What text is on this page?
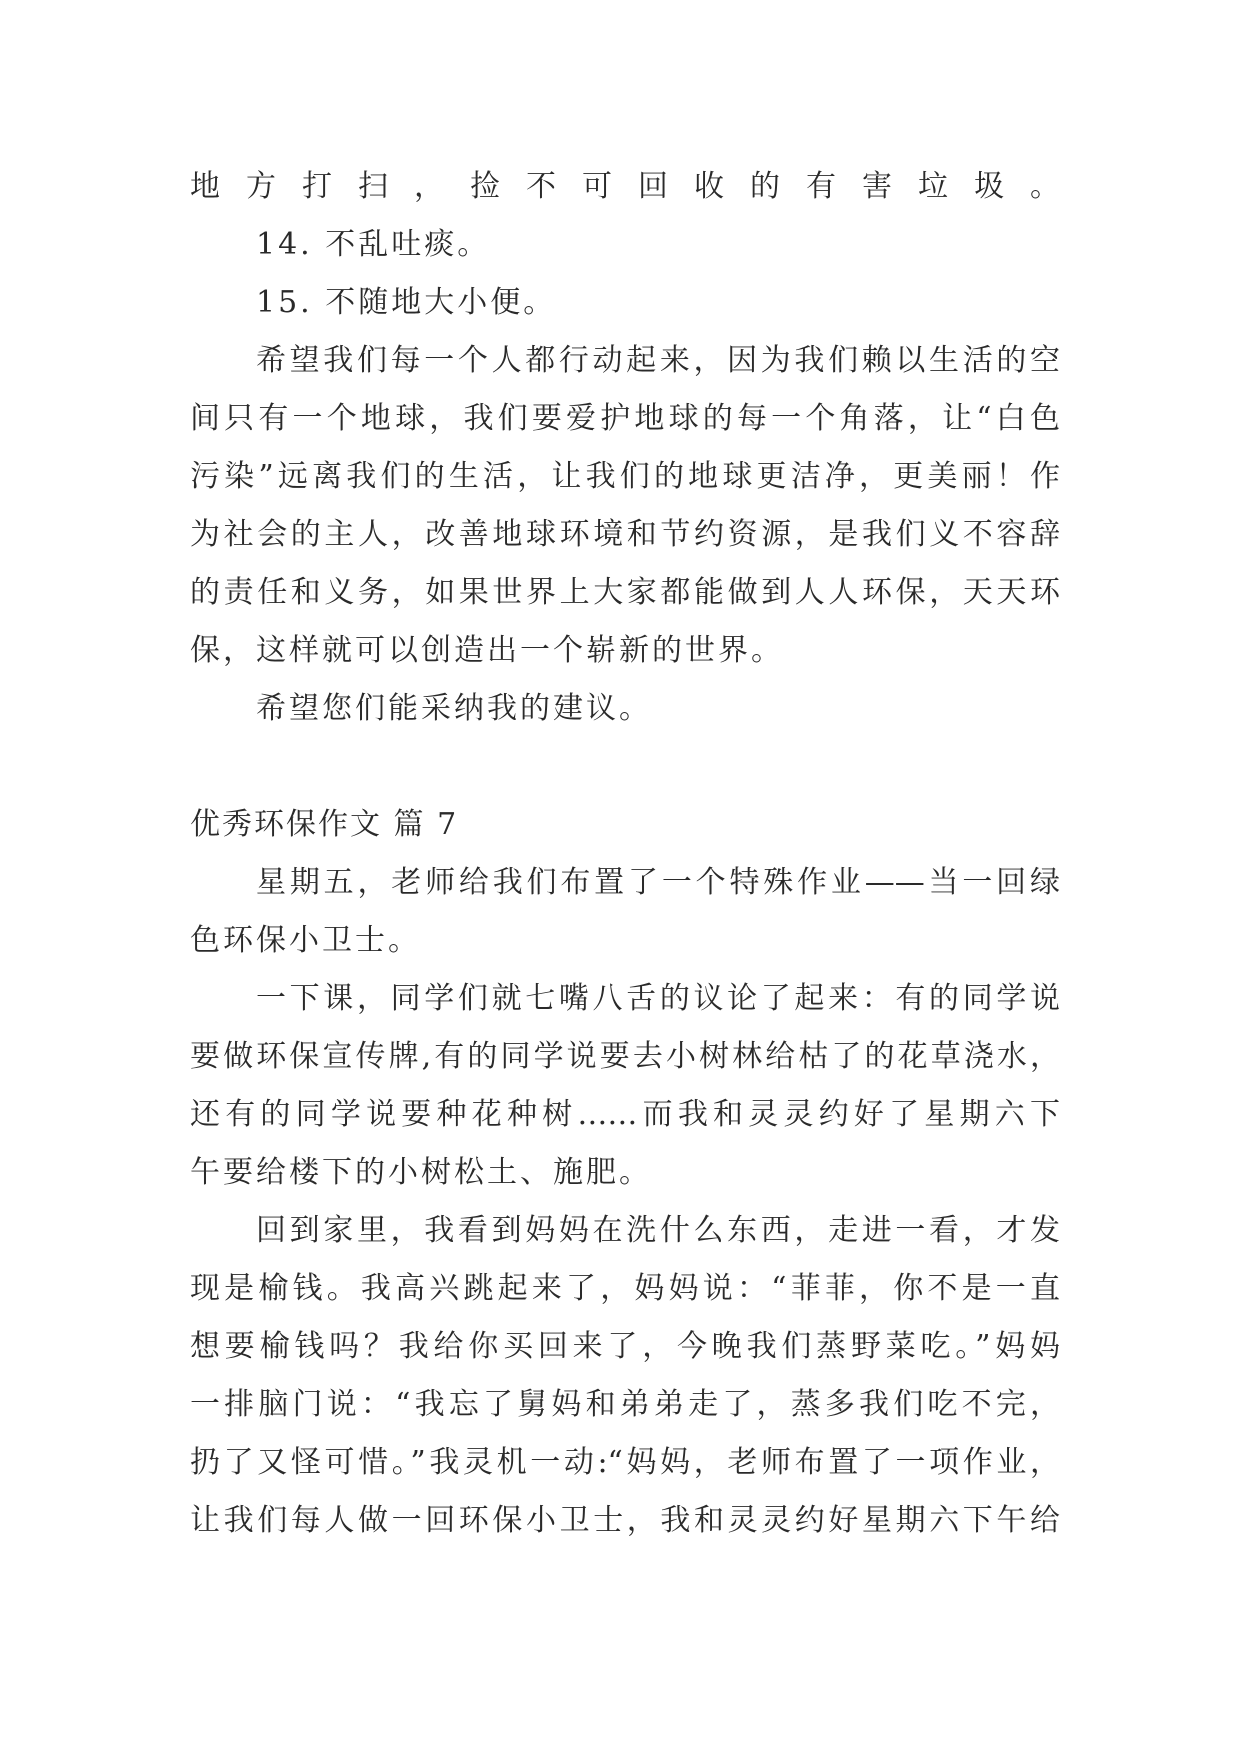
地方打扫，捡不可回收的有害垃圾。
14. 不乱吐痰。
15. 不随地大小便。
希望我们每一个人都行动起来，因为我们赖以生活的空
间只有一个地球，我们要爱护地球的每一个角落，让“白色
污染”远离我们的生活，让我们的地球更洁净，更美丽！作
为社会的主人，改善地球环境和节约资源，是我们义不容辞
的责任和义务，如果世界上大家都能做到人人环保，天天环
保，这样就可以创造出一个崭新的世界。
希望您们能采纳我的建议。
优秀环保作文 篇 7
星期五，老师给我们布置了一个特殊作业——当一回绿
色环保小卫士。
一下课，同学们就七嘴八舌的议论了起来：有的同学说
要做环保宣传牌,有的同学说要去小树林给枯了的花草浇水，
还有的同学说要种花种树……而我和灵灵约好了星期六下
午要给楼下的小树松土、施肥。
回到家里，我看到妈妈在洗什么东西，走进一看，才发
现是榆钱。我高兴跳起来了，妈妈说：“菲菲，你不是一直
想要榆钱吗？我给你买回来了，今晚我们蒸野菜吃。”妈妈
一排脑门说：“我忘了舅妈和弟弟走了，蒸多我们吃不完，
扔了又怪可惜。”我灵机一动:“妈妈，老师布置了一项作业，
让我们每人做一回环保小卫士，我和灵灵约好星期六下午给
